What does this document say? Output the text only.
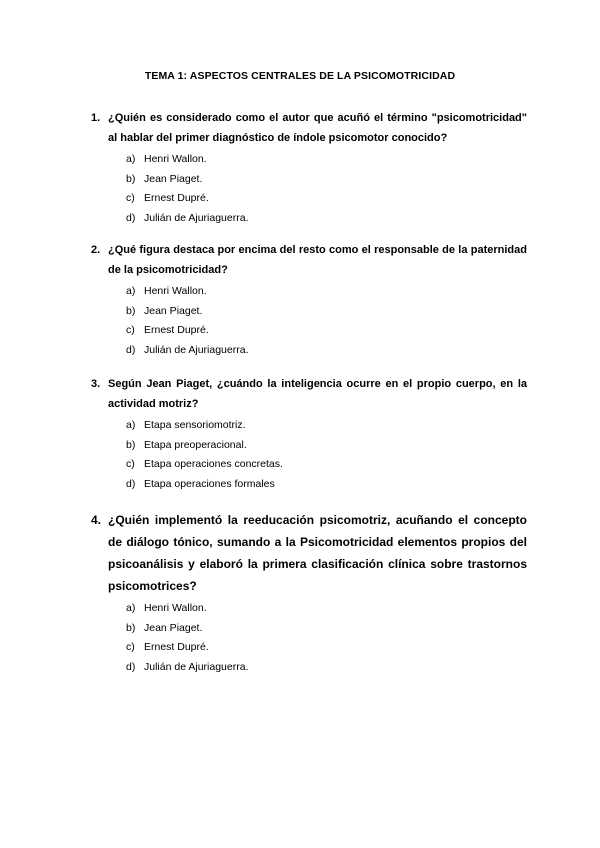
TEMA 1: ASPECTOS CENTRALES DE LA PSICOMOTRICIDAD
1. ¿Quién es considerado como el autor que acuñó el término "psicomotricidad" al hablar del primer diagnóstico de índole psicomotor conocido?
a) Henri Wallon.
b) Jean Piaget.
c) Ernest Dupré.
d) Julián de Ajuriaguerra.
2. ¿Qué figura destaca por encima del resto como el responsable de la paternidad de la psicomotricidad?
a) Henri Wallon.
b) Jean Piaget.
c) Ernest Dupré.
d) Julián de Ajuriaguerra.
3. Según Jean Piaget, ¿cuándo la inteligencia ocurre en el propio cuerpo, en la actividad motriz?
a) Etapa sensoriomotriz.
b) Etapa preoperacional.
c) Etapa operaciones concretas.
d) Etapa operaciones formales
4. ¿Quién implementó la reeducación psicomotriz, acuñando el concepto de diálogo tónico, sumando a la Psicomotricidad elementos propios del psicoanálisis y elaboró la primera clasificación clínica sobre trastornos psicomotrices?
a) Henri Wallon.
b) Jean Piaget.
c) Ernest Dupré.
d) Julián de Ajuriaguerra.
